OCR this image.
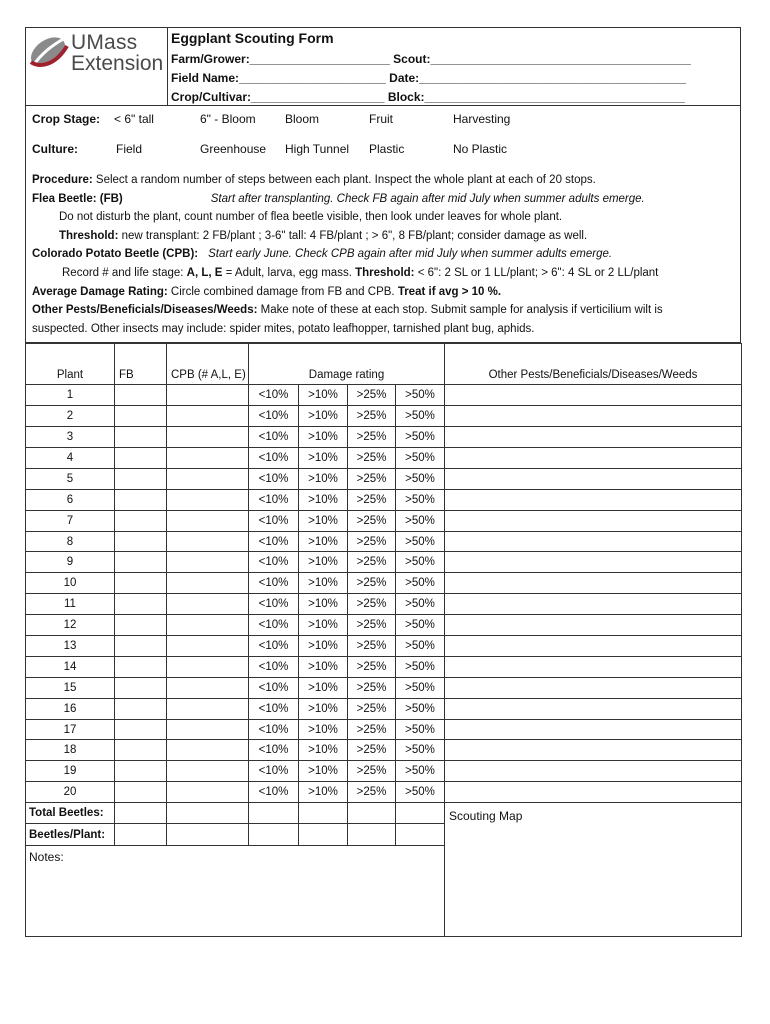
UMass
Extension
Eggplant Scouting Form
Farm/Grower:_____________________ Scout:_______________________________________
Field Name:______________________ Date:________________________________________
Crop/Cultivar:____________________ Block:_______________________________________
Crop Stage: < 6" tall	6" - Bloom Bloom	Fruit	Harvesting
Culture:	Field	Greenhouse High Tunnel Plastic	No Plastic
Procedure: Select a random number of steps between each plant. Inspect the whole plant at each of 20 stops.
Flea Beetle: (FB)	Start after transplanting. Check FB again after mid July when summer adults emerge.
Do not disturb the plant, count number of flea beetle visible, then look under leaves for whole plant.
Threshold: new transplant: 2 FB/plant ; 3-6" tall: 4 FB/plant ; > 6", 8 FB/plant; consider damage as well.
Colorado Potato Beetle (CPB): Start early June. Check CPB again after mid July when summer adults emerge.
Record # and life stage: A, L, E = Adult, larva, egg mass. Threshold: < 6": 2 SL or 1 LL/plant; > 6": 4 SL or 2 LL/plant
Average Damage Rating: Circle combined damage from FB and CPB. Treat if avg > 10 %.
Other Pests/Beneficials/Diseases/Weeds: Make note of these at each stop. Submit sample for analysis if verticilium wilt is
suspected. Other insects may include: spider mites, potato leafhopper, tarnished plant bug, aphids.
Plant	FB	CPB (# A,L, E)	Damage rating				Other Pests/Beneficials/Diseases/Weeds
1			<10%	>10%	>25%	>50%	
2			<10%	>10%	>25%	>50%	
3			<10%	>10%	>25%	>50%	
4			<10%	>10%	>25%	>50%	
5			<10%	>10%	>25%	>50%	
6			<10%	>10%	>25%	>50%	
7			<10%	>10%	>25%	>50%	
8			<10%	>10%	>25%	>50%	
9			<10%	>10%	>25%	>50%	
10			<10%	>10%	>25%	>50%	
11			<10%	>10%	>25%	>50%	
12			<10%	>10%	>25%	>50%	
13			<10%	>10%	>25%	>50%	
14			<10%	>10%	>25%	>50%	
15			<10%	>10%	>25%	>50%	
16			<10%	>10%	>25%	>50%	
17			<10%	>10%	>25%	>50%	
18			<10%	>10%	>25%	>50%	
19			<10%	>10%	>25%	>50%	
20			<10%	>10%	>25%	>50%	
Total Beetles:							Scouting Map
Beetles/Plant:							
Notes:							
